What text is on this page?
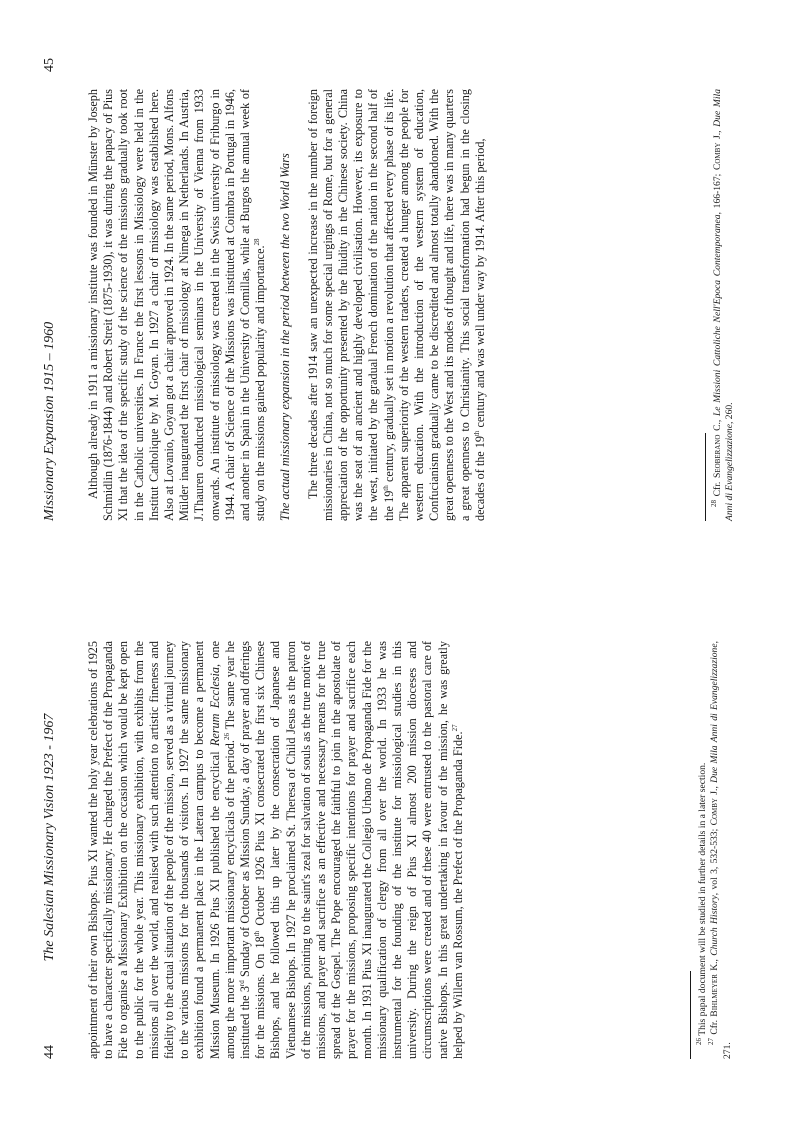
44
The Salesian Missionary Vision 1923 - 1967 appointment of their own Bishops. Pius XI wanted the holy year celebrations of 1925 to have a character specifically missionary. He charged the Prefect of the Propaganda Fide to organise a Missionary Exhibition on the occasion which would be kept open to the public for the whole year. This missionary exhibition, with exhibits from the missions all over the world, and realised with such attention to artistic fineness and fidelity to the actual situation of the people of the mission, served as a virtual journey to the various missions for the thousands of visitors. In 1927 the same missionary exhibition found a permanent place in the Lateran campus to become a permanent Mission Museum. In 1926 Pius XI published the encyclical Rerum Ecclesia, one among the more important missionary encyclicals of the period.$^{26}$ The same year he instituted the 3rd Sunday of October as Mission Sunday, a day of prayer and offerings for the missions. On 18th October 1926 Pius XI consecrated the first six Chinese Bishops, and he followed this up later by the consecration of Japanese and Vietnamese Bishops. In 1927 he proclaimed St. Theresa of Child Jesus as the patron of the missions, pointing to the saint's zeal for salvation of souls as the true motive of missions, and prayer and sacrifice as an effective and necessary means for the true spread of the Gospel. The Pope encouraged the faithful to join in the apostolate of prayer for the missions, proposing specific intentions for prayer and sacrifice each month. In 1931 Pius XI inaugurated the Collegio Urbano de Propaganda Fide for the missionary qualification of clergy from all over the world. In 1933 he was instrumental for the founding of the institute for missiological studies in this university. During the reign of Pius XI almost 200 mission dioceses and circumscriptions were created and of these 40 were entrusted to the pastoral care of native Bishops. In this great undertaking in favour of the mission, he was greatly helped by Willem van Rossum, the Prefect of the Propaganda Fide.$^{27}$

$^{26}$ This papal document will be studied in further details in a later section.

$^{27}$ Cfr. Bihlmeyer K., Church History, vol 3, 532-533; Comby J., Due Mila Anni di Evangelizzazione, 271.

Missionary Expansion 1915 – 1960
45

Although already in 1911 a missionary institute was founded in Münster by Joseph Schmidlin (1876-1844) and Robert Streit (1875-1930), it was during the papacy of Pius XI that the idea of the specific study of the science of the missions gradually took root in the Catholic universities. In France the first lessons in Missiology were held in the Institut Catholique by M. Goyan. In 1927 a chair of missiology was established here. Also at Lovanio, Goyan got a chair approved in 1924. In the same period, Mons. Alfons Mülder inaugurated the first chair of missiology at Nimega in Netherlands. In Austria, J.Thauren conducted missiological seminars in the University of Vienna from 1933 onwards. An institute of missiology was created in the Swiss university of Friburgo in 1944. A chair of Science of the Missions was instituted at Coimbra in Portugal in 1946, and another in Spain in the University of Comillas, while at Burgos the annual week of study on the missions gained popularity and importance.$^{28}$	The actual missionary expansion in the period between the two World Wars The three decades after 1914 saw an unexpected increase in the number of foreign missionaries in China, not so much for some special urgings of Rome, but for a general appreciation of the opportunity presented by the fluidity in the Chinese society. China was the seat of an ancient and highly developed civilisation. However, its exposure to the west, initiated by the gradual French domination of the nation in the second half of the 19th century, gradually set in motion a revolution that affected every phase of its life. The apparent superiority of the western traders, created a hunger among the people for western education. With the introduction of the western system of education, Confucianism gradually came to be discredited and almost totally abandoned. With the great openness to the West and its modes of thought and life, there was in many quarters a great openness to Christianity. This social transformation had begun in the closing decades of the 19th century and was well under way by 1914. After this period,

$^{28}$ Cfr. Seoberano C., Le Missioni Cattoliche Nell'Epoca Contemporanea, 166-167; Comby J., Due Mila Anni di Evangelizzazione, 260.
